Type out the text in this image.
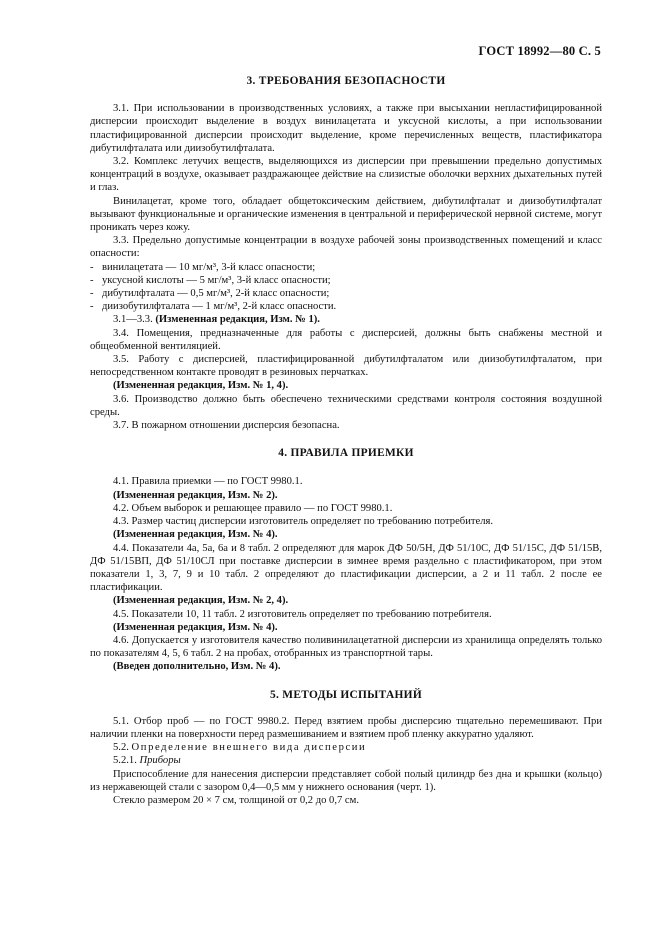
ГОСТ 18992—80 С. 5
3. ТРЕБОВАНИЯ БЕЗОПАСНОСТИ

3.1. При использовании в производственных условиях, а также при высыхании непластифицированной дисперсии происходит выделение в воздух винилацетата и уксусной кислоты, а при использовании пластифицированной дисперсии происходит выделение, кроме перечисленных веществ, пластификатора дибутилфталата или диизобутилфталата.

3.2. Комплекс летучих веществ, выделяющихся из дисперсии при превышении предельно допустимых концентраций в воздухе, оказывает раздражающее действие на слизистые оболочки верхних дыхательных путей и глаз.

Винилацетат, кроме того, обладает общетоксическим действием, дибутилфталат и диизобутилфталат вызывают функциональные и органические изменения в центральной и периферической нервной системе, могут проникать через кожу.

3.3. Предельно допустимые концентрации в воздухе рабочей зоны производственных помещений и класс опасности:

- винилацетата — 10 мг/м³, 3-й класс опасности;
- уксусной кислоты — 5 мг/м³, 3-й класс опасности;
- дибутилфталата — 0,5 мг/м³, 2-й класс опасности;
- диизобутилфталата — 1 мг/м³, 2-й класс опасности.

3.1—3.3. (Измененная редакция, Изм. № 1).

3.4. Помещения, предназначенные для работы с дисперсией, должны быть снабжены местной и общеобменной вентиляцией.

3.5. Работу с дисперсией, пластифицированной дибутилфталатом или диизобутилфталатом, при непосредственном контакте проводят в резиновых перчатках.

(Измененная редакция, Изм. № 1, 4).

3.6. Производство должно быть обеспечено техническими средствами контроля состояния воздушной среды.

3.7. В пожарном отношении дисперсия безопасна.

4. ПРАВИЛА ПРИЕМКИ

4.1. Правила приемки — по ГОСТ 9980.1.

(Измененная редакция, Изм. № 2).

4.2. Объем выборок и решающее правило — по ГОСТ 9980.1.

4.3. Размер частиц дисперсии изготовитель определяет по требованию потребителя.

(Измененная редакция, Изм. № 4).

4.4. Показатели 4а, 5а, 6а и 8 табл. 2 определяют для марок ДФ 50/5Н, ДФ 51/10С, ДФ 51/15С, ДФ 51/15В, ДФ 51/15ВП, ДФ 51/10СЛ при поставке дисперсии в зимнее время раздельно с пластификатором, при этом показатели 1, 3, 7, 9 и 10 табл. 2 определяют до пластификации дисперсии, а 2 и 11 табл. 2 после ее пластификации.

(Измененная редакция, Изм. № 2, 4).

4.5. Показатели 10, 11 табл. 2 изготовитель определяет по требованию потребителя.

(Измененная редакция, Изм. № 4).

4.6. Допускается у изготовителя качество поливинилацетатной дисперсии из хранилища определять только по показателям 4, 5, 6 табл. 2 на пробах, отобранных из транспортной тары.

(Введен дополнительно, Изм. № 4).

5. МЕТОДЫ ИСПЫТАНИЙ

5.1. Отбор проб — по ГОСТ 9980.2. Перед взятием пробы дисперсию тщательно перемешивают. При наличии пленки на поверхности перед размешиванием и взятием проб пленку аккуратно удаляют.

5.2. Определение внешнего вида дисперсии

5.2.1. Приборы

Приспособление для нанесения дисперсии представляет собой полый цилиндр без дна и крышки (кольцо) из нержавеющей стали с зазором 0,4—0,5 мм у нижнего основания (черт. 1).

Стекло размером 20 × 7 см, толщиной от 0,2 до 0,7 см.
